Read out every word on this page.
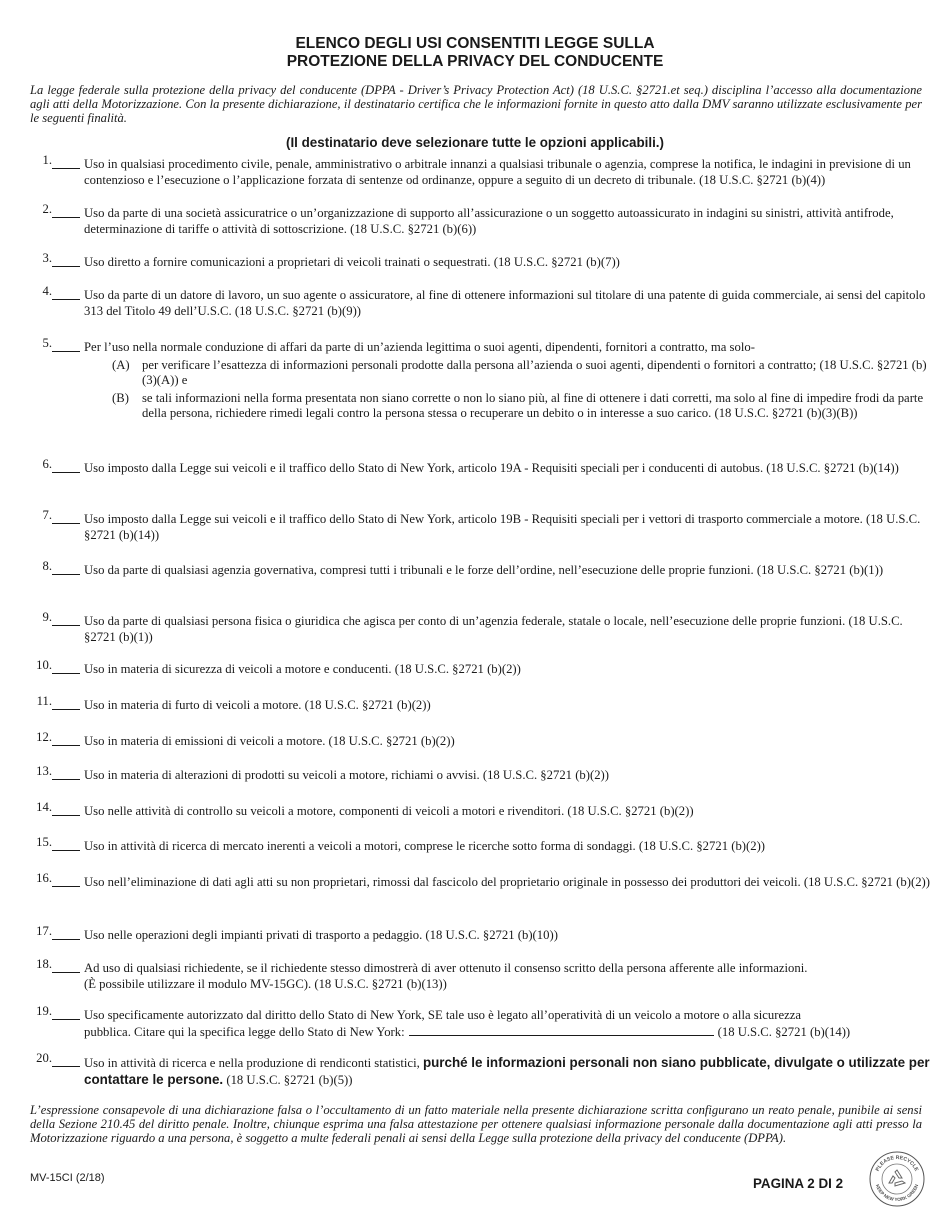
ELENCO DEGLI USI CONSENTITI LEGGE SULLA
PROTEZIONE DELLA PRIVACY DEL CONDUCENTE
La legge federale sulla protezione della privacy del conducente (DPPA - Driver’s Privacy Protection Act) (18 U.S.C. §2721.et seq.) disciplina l’accesso alla documentazione agli atti della Motorizzazione. Con la presente dichiarazione, il destinatario certifica che le informazioni fornite in questo atto dalla DMV saranno utilizzate esclusivamente per le seguenti finalità.
(Il destinatario deve selezionare tutte le opzioni applicabili.)
1.	Uso in qualsiasi procedimento civile, penale, amministrativo o arbitrale innanzi a qualsiasi tribunale o agenzia, comprese la notifica, le indagini in previsione di un contenzioso e l’esecuzione o l’applicazione forzata di sentenze od ordinanze, oppure a seguito di un decreto di tribunale. (18 U.S.C. §2721 (b)(4))
2.	Uso da parte di una società assicuratrice o un’organizzazione di supporto all’assicurazione o un soggetto autoassicurato in indagini su sinistri, attività antifrode, determinazione di tariffe o attività di sottoscrizione. (18 U.S.C. §2721 (b)(6))
3.	Uso diretto a fornire comunicazioni a proprietari di veicoli trainati o sequestrati. (18 U.S.C. §2721 (b)(7))
4.	Uso da parte di un datore di lavoro, un suo agente o assicuratore, al fine di ottenere informazioni sul titolare di una patente di guida commerciale, ai sensi del capitolo 313 del Titolo 49 dell’U.S.C. (18 U.S.C. §2721 (b)(9))
5.	Per l’uso nella normale conduzione di affari da parte di un’azienda legittima o suoi agenti, dipendenti, fornitori a contratto, ma solo-
(A) per verificare l’esattezza di informazioni personali prodotte dalla persona all’azienda o suoi agenti, dipendenti o fornitori a contratto; (18 U.S.C. §2721 (b)(3)(A)) e
(B) se tali informazioni nella forma presentata non siano corrette o non lo siano più, al fine di ottenere i dati corretti, ma solo al fine di impedire frodi da parte della persona, richiedere rimedi legali contro la persona stessa o recuperare un debito o in interesse a suo carico. (18 U.S.C. §2721 (b)(3)(B))
6.	Uso imposto dalla Legge sui veicoli e il traffico dello Stato di New York, articolo 19A - Requisiti speciali per i conducenti di autobus. (18 U.S.C. §2721 (b)(14))
7.	Uso imposto dalla Legge sui veicoli e il traffico dello Stato di New York, articolo 19B - Requisiti speciali per i vettori di trasporto commerciale a motore. (18 U.S.C. §2721 (b)(14))
8.	Uso da parte di qualsiasi agenzia governativa, compresi tutti i tribunali e le forze dell’ordine, nell’esecuzione delle proprie funzioni. (18 U.S.C. §2721 (b)(1))
9.	Uso da parte di qualsiasi persona fisica o giuridica che agisca per conto di un’agenzia federale, statale o locale, nell’esecuzione delle proprie funzioni. (18 U.S.C. §2721 (b)(1))
10.	Uso in materia di sicurezza di veicoli a motore e conducenti. (18 U.S.C. §2721 (b)(2))
11.	Uso in materia di furto di veicoli a motore. (18 U.S.C. §2721 (b)(2))
12.	Uso in materia di emissioni di veicoli a motore. (18 U.S.C. §2721 (b)(2))
13.	Uso in materia di alterazioni di prodotti su veicoli a motore, richiami o avvisi. (18 U.S.C. §2721 (b)(2))
14.	Uso nelle attività di controllo su veicoli a motore, componenti di veicoli a motori e rivenditori. (18 U.S.C. §2721 (b)(2))
15.	Uso in attività di ricerca di mercato inerenti a veicoli a motori, comprese le ricerche sotto forma di sondaggi. (18 U.S.C. §2721 (b)(2))
16.	Uso nell’eliminazione di dati agli atti su non proprietari, rimossi dal fascicolo del proprietario originale in possesso dei produttori dei veicoli. (18 U.S.C. §2721 (b)(2))
17.	Uso nelle operazioni degli impianti privati di trasporto a pedaggio. (18 U.S.C. §2721 (b)(10))
18.	Ad uso di qualsiasi richiedente, se il richiedente stesso dimostrerà di aver ottenuto il consenso scritto della persona afferente alle informazioni.
(È possibile utilizzare il modulo MV-15GC). (18 U.S.C. §2721 (b)(13))
19.	Uso specificamente autorizzato dal diritto dello Stato di New York, SE tale uso è legato all’operatività di un veicolo a motore o alla sicurezza
pubblica. Citare qui la specifica legge dello Stato di New York:	(18 U.S.C. §2721 (b)(14))
20.	Uso in attività di ricerca e nella produzione di rendiconti statistici, purché le informazioni personali non siano pubblicate, divulgate o utilizzate per contattare le persone. (18 U.S.C. §2721 (b)(5))
L’espressione consapevole di una dichiarazione falsa o l’occultamento di un fatto materiale nella presente dichiarazione scritta configurano un reato penale, punibile ai sensi della Sezione 210.45 del diritto penale. Inoltre, chiunque esprima una falsa attestazione per ottenere qualsiasi informazione personale dalla documentazione agli atti presso la Motorizzazione riguardo a una persona, è soggetto a multe federali penali ai sensi della Legge sulla protezione della privacy del conducente (DPPA).
MV-15CI (2/18)	PAGINA 2 DI 2
PLEASE RECYCLE
KEEP NEW YORK GREEN
